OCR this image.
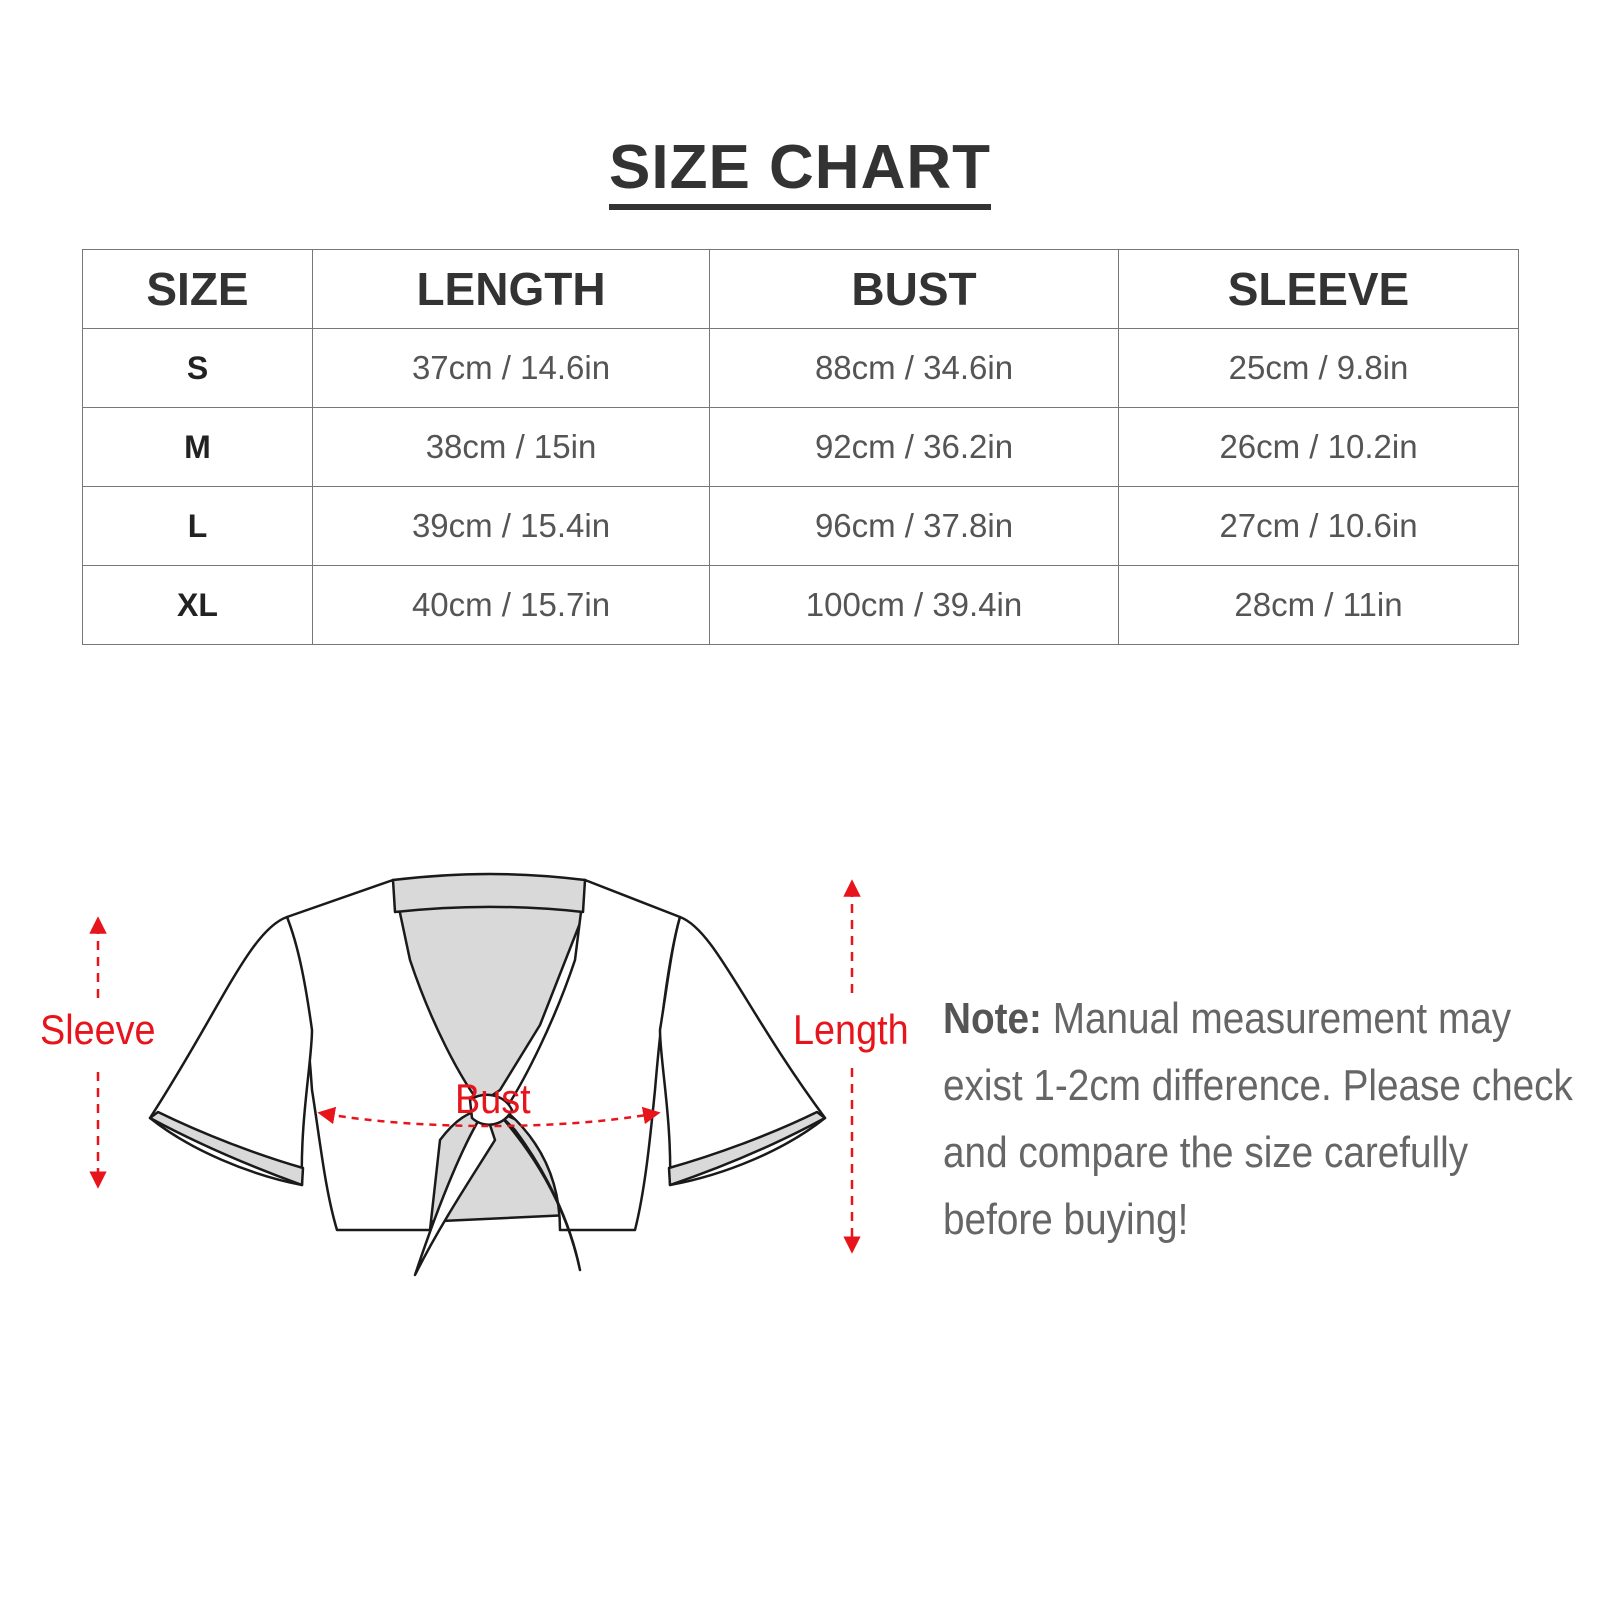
SIZE CHART
SIZE	LENGTH	BUST	SLEEVE
S	37cm / 14.6in	88cm / 34.6in	25cm / 9.8in
M	38cm / 15in	92cm / 36.2in	26cm / 10.2in
L	39cm / 15.4in	96cm / 37.8in	27cm / 10.6in
XL	40cm / 15.7in	100cm / 39.4in	28cm / 11in
Sleeve	Length
Bust
Note: Manual measurement may exist 1-2cm difference. Please check and compare the size carefully before buying!
